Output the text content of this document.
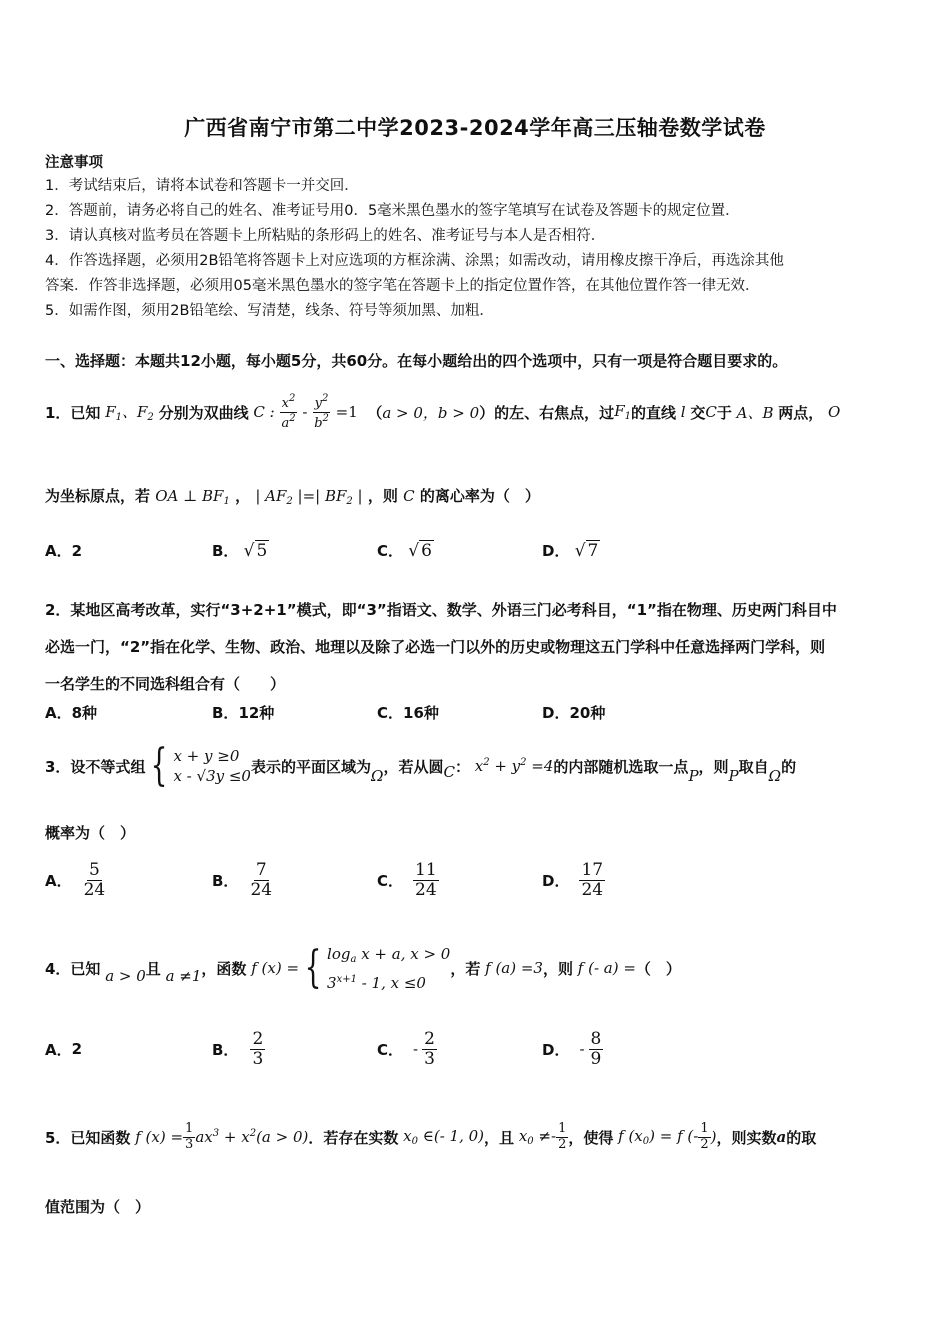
广西省南宁市第二中学2023-2024学年高三压轴卷数学试卷
注意事项
1．考试结束后，请将本试卷和答题卡一并交回．
2．答题前，请务必将自己的姓名、准考证号用0．5毫米黑色墨水的签字笔填写在试卷及答题卡的规定位置．
3．请认真核对监考员在答题卡上所粘贴的条形码上的姓名、准考证号与本人是否相符．
4．作答选择题，必须用2B铅笔将答题卡上对应选项的方框涂满、涂黑；如需改动，请用橡皮擦干净后，再选涂其他
答案．作答非选择题，必须用05毫米黑色墨水的签字笔在答题卡上的指定位置作答，在其他位置作答一律无效．
5．如需作图，须用2B铅笔绘、写清楚，线条、符号等须加黑、加粗．
一、选择题：本题共12小题，每小题5分，共60分。在每小题给出的四个选项中，只有一项是符合题目要求的。
1．已知 $F_1$、$F_2$ 分别为双曲线 C : $\frac{x^2}{a^2} - \frac{y^2}{b^2} =1$ （ a > 0，b > 0 ）的左、右焦点，过 $F_1$ 的直线 l 交 C 于 A、B 两点， O
为坐标原点，若 OA ⊥ $BF_1$ ， | $AF_2$ |=| $BF_2$ | ，则 C 的离心率为（　）
A．2	B． √ 5	C． √ 6	D． √ 7
2．某地区高考改革，实行“3+2+1”模式，即“3”指语文、数学、外语三门必考科目，“1”指在物理、历史两门科目中
必选一门，“2”指在化学、生物、政治、地理以及除了必选一门以外的历史或物理这五门学科中任意选择两门学科，则
一名学生的不同选科组合有（　　）
A．8种	B．12种	C．16种	D．20种
3．设不等式组 { x + y ≥0
x - √3y ≤0
表示的平面区域为
Ω
，若从圆 C ： $x^2 + y^2 =4$ 的内部随机选取一点
P
，则
P
取自
Ω
的
概率为（　）
A． $\frac{5}{24}$	B． $\frac{7}{24}$	C． $\frac{11}{24}$	D． $\frac{17}{24}$
4．已知 a > 0 且 a ≠1 ，函数 f (x) = { $\log_a x + a$, x > 0
$3^{x+1} - 1$, x ≤0
，若 f (a) =3 ，则 f (- a) = （　）
A． 2	B． $\frac{2}{3}$	C． - $\frac{2}{3}$	D． - $\frac{8}{9}$
5．已知函数 f $(x) = \frac{1}{3} ax^3 + x^2(a > 0)$ ．若存在实数 $x_0$ ∈(- 1, 0) ，且 $x_0 \ne- \frac{1}{2}$ ，使得 f $(x_0) = f$ (- $\frac{1}{2}$ ) ，则实数 a 的取
值范围为（　）
